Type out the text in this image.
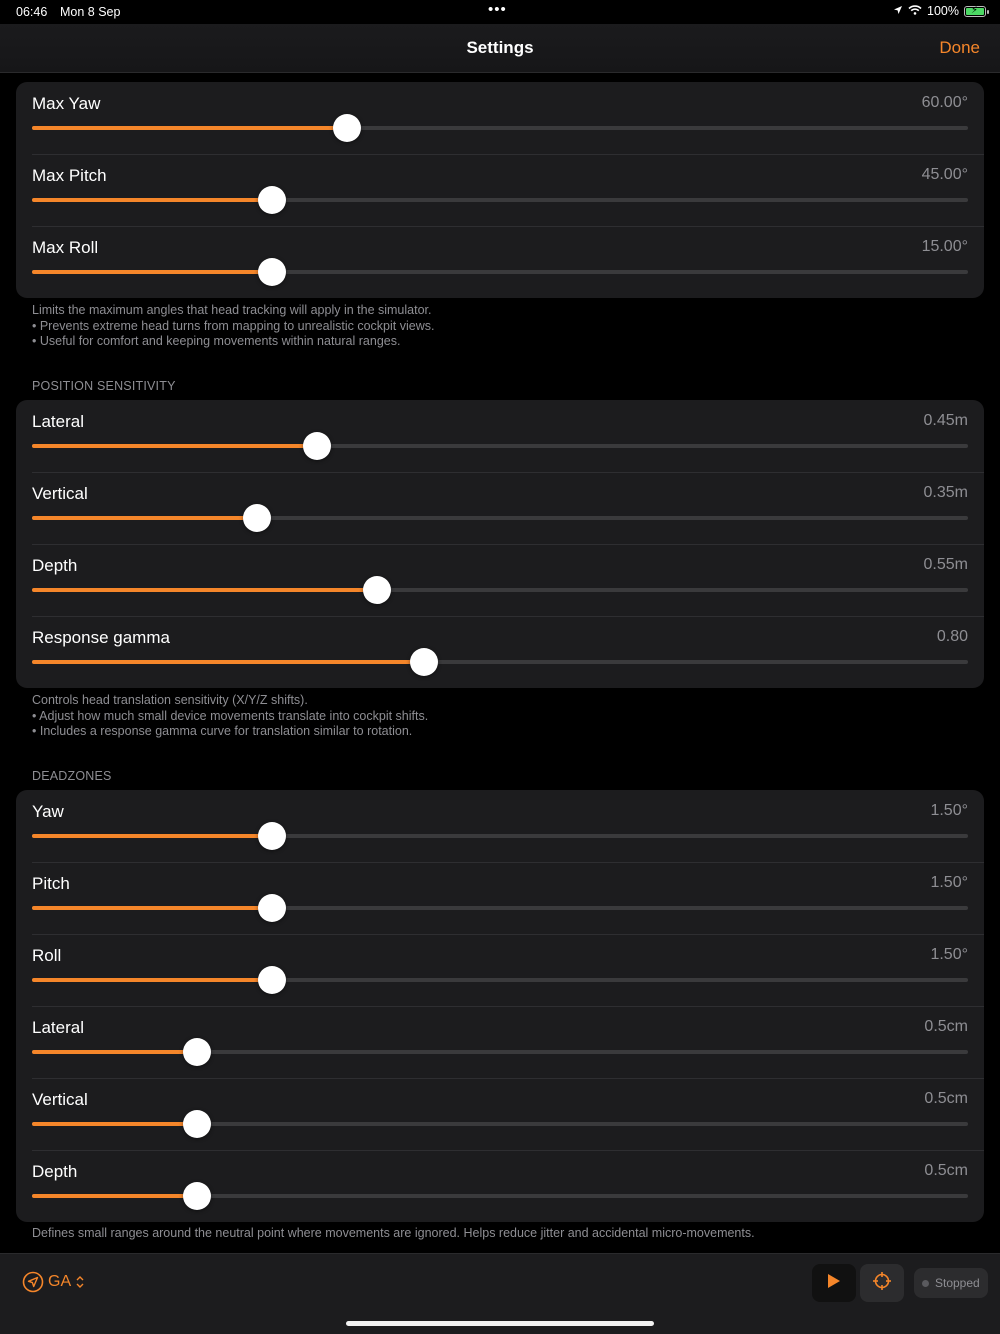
06:46 Mon 8 Sep	•••	100% ⚡
Settings	Done
Max Yaw	60.00°
Max Pitch	45.00°
Max Roll	15.00°
Limits the maximum angles that head tracking will apply in the simulator.
• Prevents extreme head turns from mapping to unrealistic cockpit views.
• Useful for comfort and keeping movements within natural ranges.
POSITION SENSITIVITY
Lateral	0.45m
Vertical	0.35m
Depth	0.55m
Response gamma	0.80
Controls head translation sensitivity (X/Y/Z shifts).
• Adjust how much small device movements translate into cockpit shifts.
• Includes a response gamma curve for translation similar to rotation.
DEADZONES
Yaw	1.50°
Pitch	1.50°
Roll	1.50°
Lateral	0.5cm
Vertical	0.5cm
Depth	0.5cm
Defines small ranges around the neutral point where movements are ignored. Helps reduce jitter and accidental micro-movements.
GA	Stopped
